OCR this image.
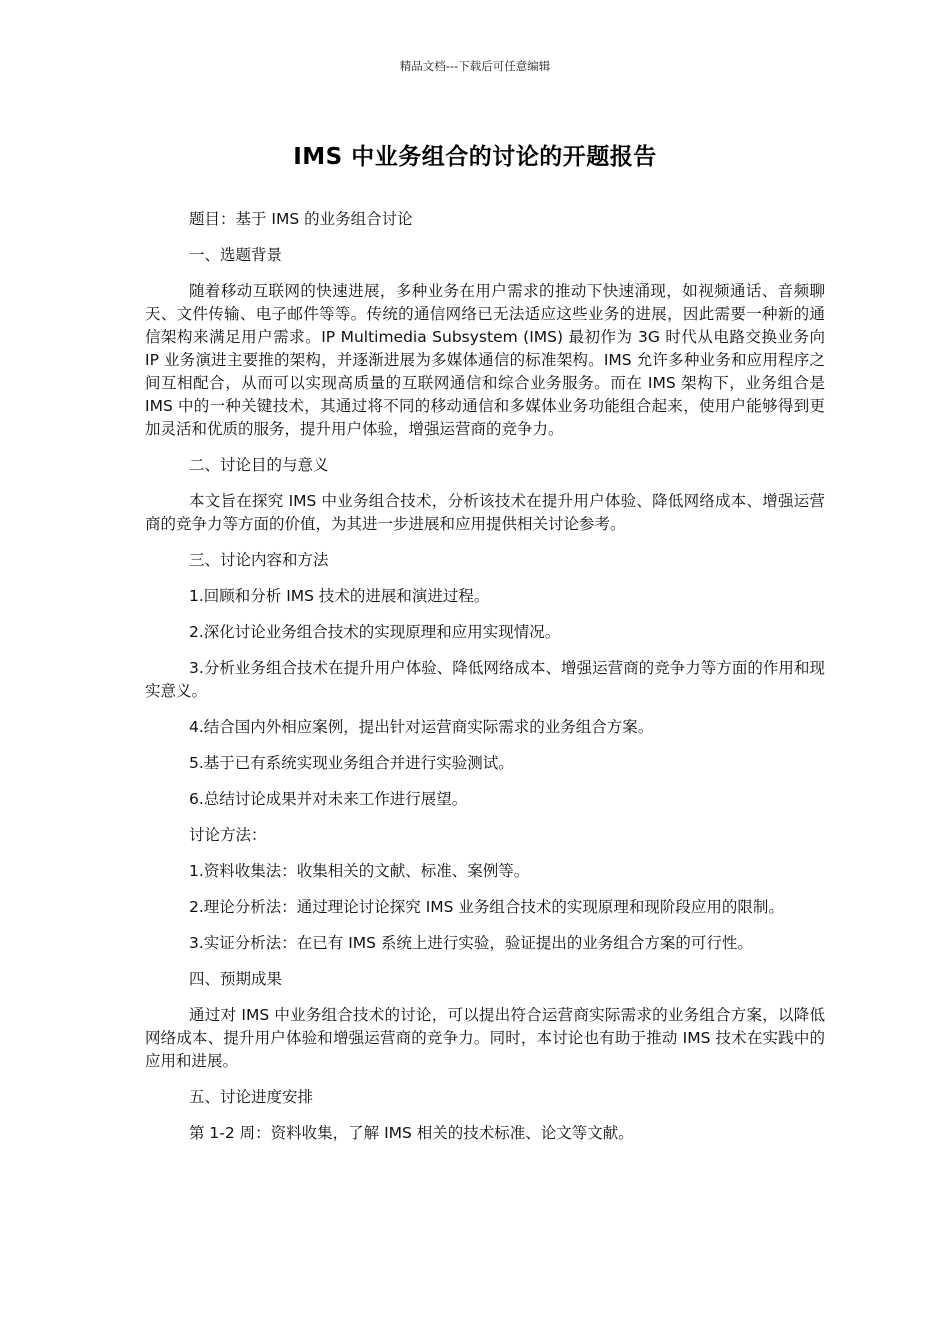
精品文档---下载后可任意编辑
IMS 中业务组合的讨论的开题报告

题目：基于 IMS 的业务组合讨论

一、选题背景

随着移动互联网的快速进展，多种业务在用户需求的推动下快速涌现，如视频通话、音频聊天、文件传输、电子邮件等等。传统的通信网络已无法适应这些业务的进展，因此需要一种新的通信架构来满足用户需求。IP Multimedia Subsystem (IMS) 最初作为 3G 时代从电路交换业务向 IP 业务演进主要推的架构，并逐渐进展为多媒体通信的标准架构。IMS 允许多种业务和应用程序之间互相配合，从而可以实现高质量的互联网通信和综合业务服务。而在 IMS 架构下，业务组合是 IMS 中的一种关键技术，其通过将不同的移动通信和多媒体业务功能组合起来，使用户能够得到更加灵活和优质的服务，提升用户体验，增强运营商的竞争力。

二、讨论目的与意义

本文旨在探究 IMS 中业务组合技术，分析该技术在提升用户体验、降低网络成本、增强运营商的竞争力等方面的价值，为其进一步进展和应用提供相关讨论参考。

三、讨论内容和方法

1.回顾和分析 IMS 技术的进展和演进过程。

2.深化讨论业务组合技术的实现原理和应用实现情况。

3.分析业务组合技术在提升用户体验、降低网络成本、增强运营商的竞争力等方面的作用和现实意义。

4.结合国内外相应案例，提出针对运营商实际需求的业务组合方案。

5.基于已有系统实现业务组合并进行实验测试。

6.总结讨论成果并对未来工作进行展望。

讨论方法：

1.资料收集法：收集相关的文献、标准、案例等。

2.理论分析法：通过理论讨论探究 IMS 业务组合技术的实现原理和现阶段应用的限制。

3.实证分析法：在已有 IMS 系统上进行实验，验证提出的业务组合方案的可行性。

四、预期成果

通过对 IMS 中业务组合技术的讨论，可以提出符合运营商实际需求的业务组合方案，以降低网络成本、提升用户体验和增强运营商的竞争力。同时，本讨论也有助于推动 IMS 技术在实践中的应用和进展。

五、讨论进度安排

第 1-2 周：资料收集，了解 IMS 相关的技术标准、论文等文献。
